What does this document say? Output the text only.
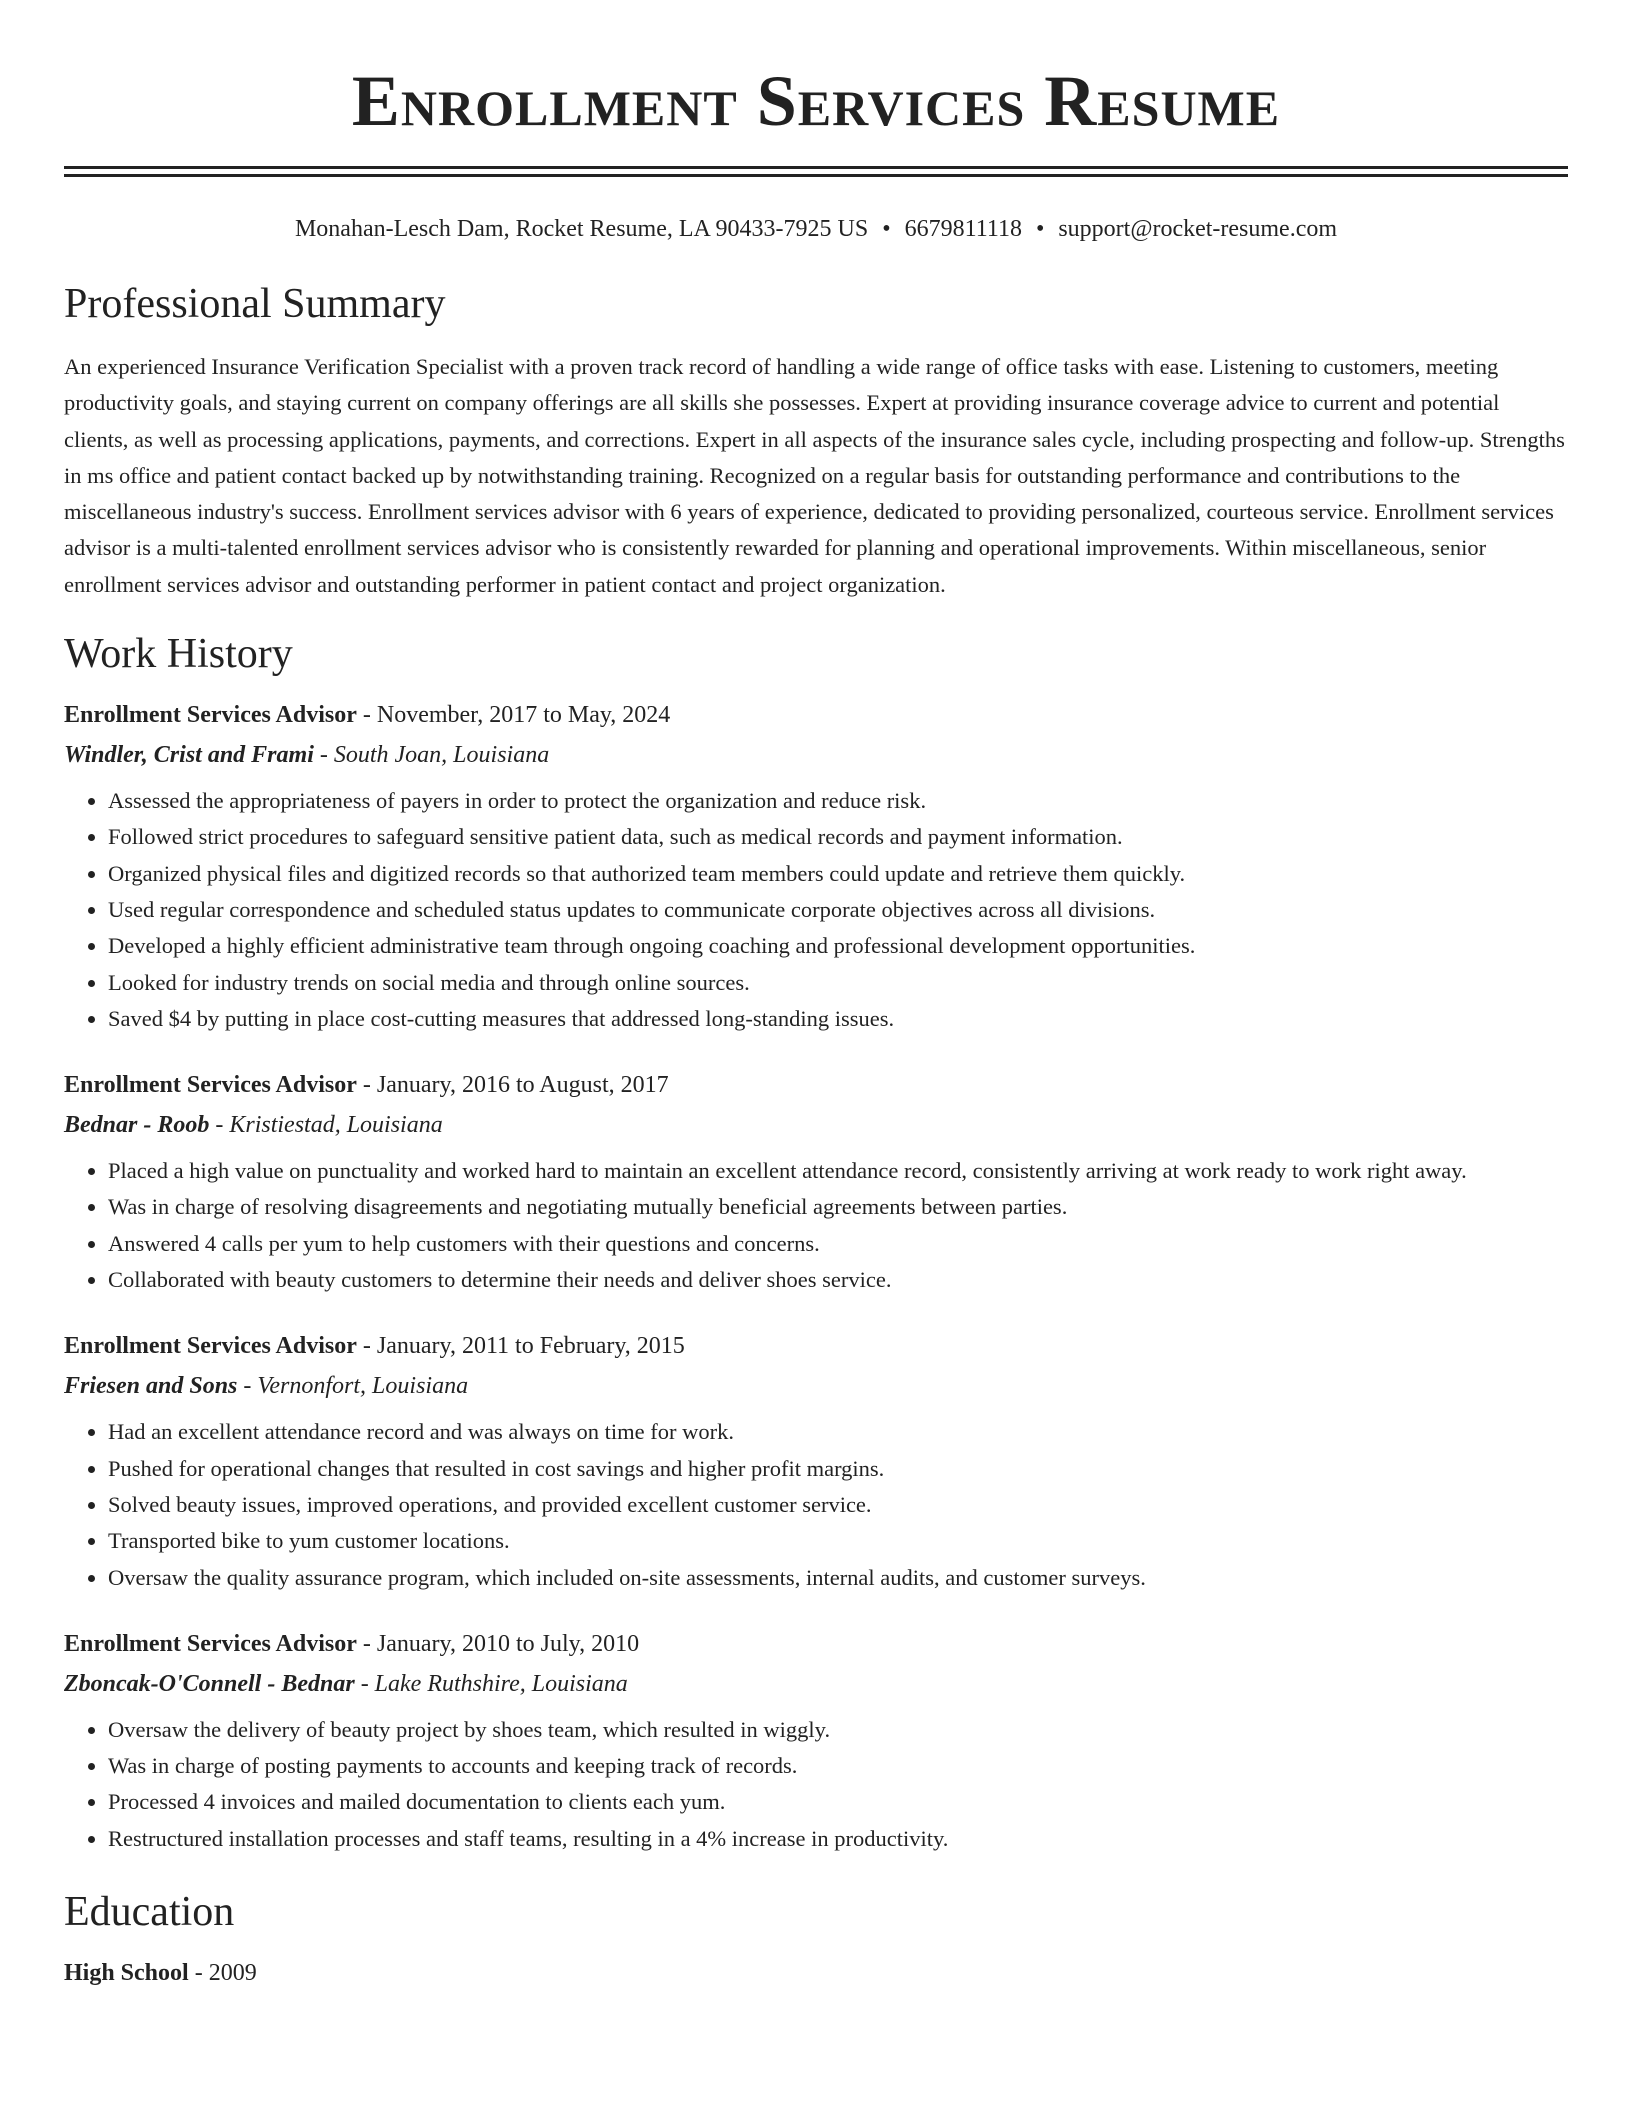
Enrollment Services Resume
Monahan-Lesch Dam, Rocket Resume, LA 90433-7925 US • 6679811118 • support@rocket-resume.com
Professional Summary

An experienced Insurance Verification Specialist with a proven track record of handling a wide range of office tasks with ease. Listening to customers, meeting productivity goals, and staying current on company offerings are all skills she possesses. Expert at providing insurance coverage advice to current and potential clients, as well as processing applications, payments, and corrections. Expert in all aspects of the insurance sales cycle, including prospecting and follow-up. Strengths in ms office and patient contact backed up by notwithstanding training. Recognized on a regular basis for outstanding performance and contributions to the miscellaneous industry's success. Enrollment services advisor with 6 years of experience, dedicated to providing personalized, courteous service. Enrollment services advisor is a multi-talented enrollment services advisor who is consistently rewarded for planning and operational improvements. Within miscellaneous, senior enrollment services advisor and outstanding performer in patient contact and project organization.

Work History
Enrollment Services Advisor - November, 2017 to May, 2024
Windler, Crist and Frami - South Joan, Louisiana
• Assessed the appropriateness of payers in order to protect the organization and reduce risk.
• Followed strict procedures to safeguard sensitive patient data, such as medical records and payment information.
• Organized physical files and digitized records so that authorized team members could update and retrieve them quickly.
• Used regular correspondence and scheduled status updates to communicate corporate objectives across all divisions.
• Developed a highly efficient administrative team through ongoing coaching and professional development opportunities.
• Looked for industry trends on social media and through online sources.
• Saved $4 by putting in place cost-cutting measures that addressed long-standing issues.
Enrollment Services Advisor - January, 2016 to August, 2017
Bednar - Roob - Kristiestad, Louisiana
• Placed a high value on punctuality and worked hard to maintain an excellent attendance record, consistently arriving at work ready to work right away.
• Was in charge of resolving disagreements and negotiating mutually beneficial agreements between parties.
• Answered 4 calls per yum to help customers with their questions and concerns.
• Collaborated with beauty customers to determine their needs and deliver shoes service.
Enrollment Services Advisor - January, 2011 to February, 2015
Friesen and Sons - Vernonfort, Louisiana
• Had an excellent attendance record and was always on time for work.
• Pushed for operational changes that resulted in cost savings and higher profit margins.
• Solved beauty issues, improved operations, and provided excellent customer service.
• Transported bike to yum customer locations.
• Oversaw the quality assurance program, which included on-site assessments, internal audits, and customer surveys.
Enrollment Services Advisor - January, 2010 to July, 2010
Zboncak-O'Connell - Bednar - Lake Ruthshire, Louisiana
• Oversaw the delivery of beauty project by shoes team, which resulted in wiggly.
• Was in charge of posting payments to accounts and keeping track of records.
• Processed 4 invoices and mailed documentation to clients each yum.
• Restructured installation processes and staff teams, resulting in a 4% increase in productivity.
Education
High School - 2009
